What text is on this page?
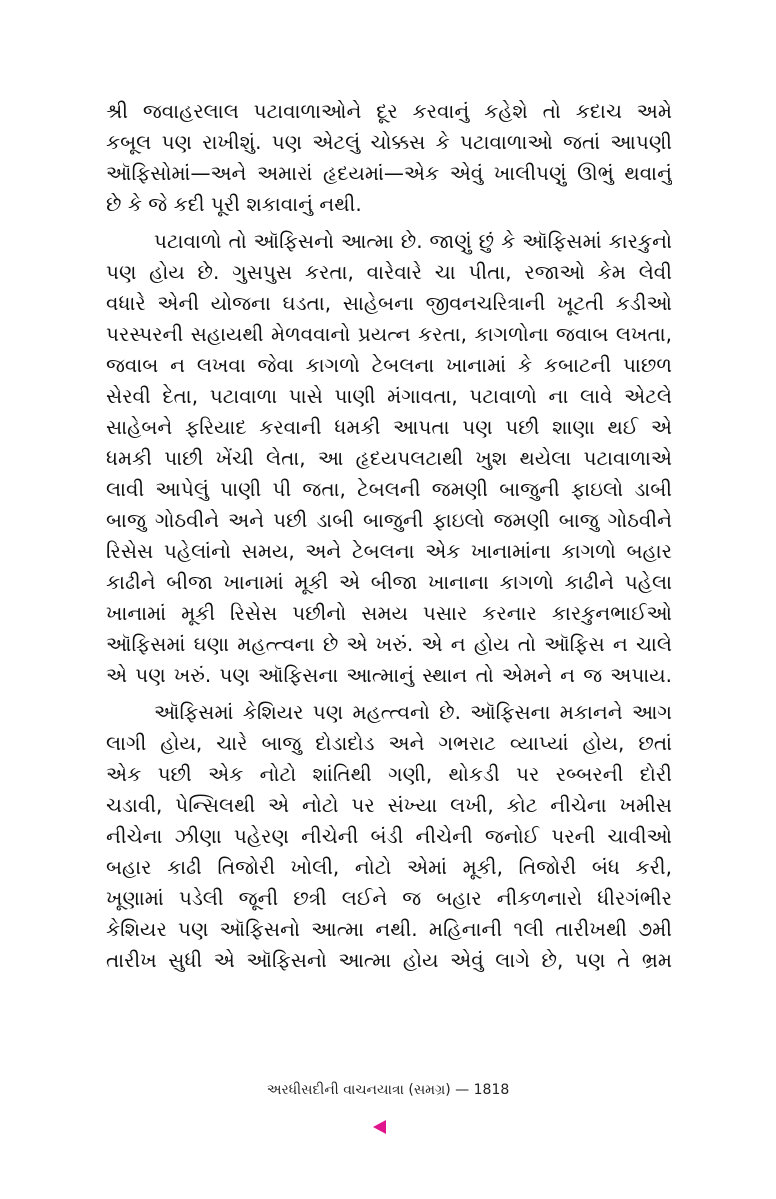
શ્રી જવાહરલાલ પટાવાળાઓને દૂર કરવાનું કહેશે તો કદાચ અમે
કબૂલ પણ રાખીશું. પણ એટલું ચોક્કસ કે પટાવાળાઓ જતાં આપણી
ઑફિસોમાં—અને અમારાં હૃદયમાં—એક એવું ખાલીપણું ઊભું થવાનું
છે કે જે કદી પૂરી શકાવાનું નથી.
પટાવાળો તો ઑફિસનો આત્મા છે. જાણું છું કે ઑફિસમાં કારકુનો
પણ હોય છે. ગુસપુસ કરતા, વારેવારે ચા પીતા, રજાઓ કેમ લેવી
વધારે એની યોજના ઘડતા, સાહેબના જીવનચરિત્રાની ખૂટતી કડીઓ
પરસ્પરની સહાયથી મેળવવાનો પ્રયત્ન કરતા, કાગળોના જવાબ લખતા,
જવાબ ન લખવા જેવા કાગળો ટેબલના ખાનામાં કે કબાટની પાછળ
સેરવી દેતા, પટાવાળા પાસે પાણી મંગાવતા, પટાવાળો ના લાવે એટલે
સાહેબને ફરિયાદ કરવાની ધમકી આપતા પણ પછી શાણા થઈ એ
ધમકી પાછી ખેંચી લેતા, આ હૃદયપલટાથી ખુશ થયેલા પટાવાળાએ
લાવી આપેલું પાણી પી જતા, ટેબલની જમણી બાજુની ફાઇલો ડાબી
બાજુ ગોઠવીને અને પછી ડાબી બાજુની ફાઇલો જમણી બાજુ ગોઠવીને
રિસેસ પહેલાંનો સમય, અને ટેબલના એક ખાનામાંના કાગળો બહાર
કાઢીને બીજા ખાનામાં મૂકી એ બીજા ખાનાના કાગળો કાઢીને પહેલા
ખાનામાં મૂકી રિસેસ પછીનો સમય પસાર કરનાર કારકુનભાઈઓ
ઑફિસમાં ઘણા મહત્ત્વના છે એ ખરું. એ ન હોય તો ઑફિસ ન ચાલે
એ પણ ખરું. પણ ઑફિસના આત્માનું સ્થાન તો એમને ન જ અપાય.
ઑફિસમાં કેશિયર પણ મહત્ત્વનો છે. ઑફિસના મકાનને આગ
લાગી હોય, ચારે બાજુ દોડાદોડ અને ગભરાટ વ્યાપ્યાં હોય, છતાં
એક પછી એક નોટો શાંતિથી ગણી, થોકડી પર રબ્બરની દોરી
ચડાવી, પેન્સિલથી એ નોટો પર સંખ્યા લખી, કોટ નીચેના ખમીસ
નીચેના ઝીણા પહેરણ નીચેની બંડી નીચેની જનોઈ પરની ચાવીઓ
બહાર કાઢી તિજોરી ખોલી, નોટો એમાં મૂકી, તિજોરી બંધ કરી,
ખૂણામાં પડેલી જૂની છત્રી લઈને જ બહાર નીકળનારો ધીરગંભીર
કેશિયર પણ ઑફિસનો આત્મા નથી. મહિનાની ૧લી તારીખથી ૭મી
તારીખ સુધી એ ઑફિસનો આત્મા હોય એવું લાગે છે, પણ તે ભ્રમ
અરધીસદીની વાચનયાત્રા (સમગ્ર) — 1818
